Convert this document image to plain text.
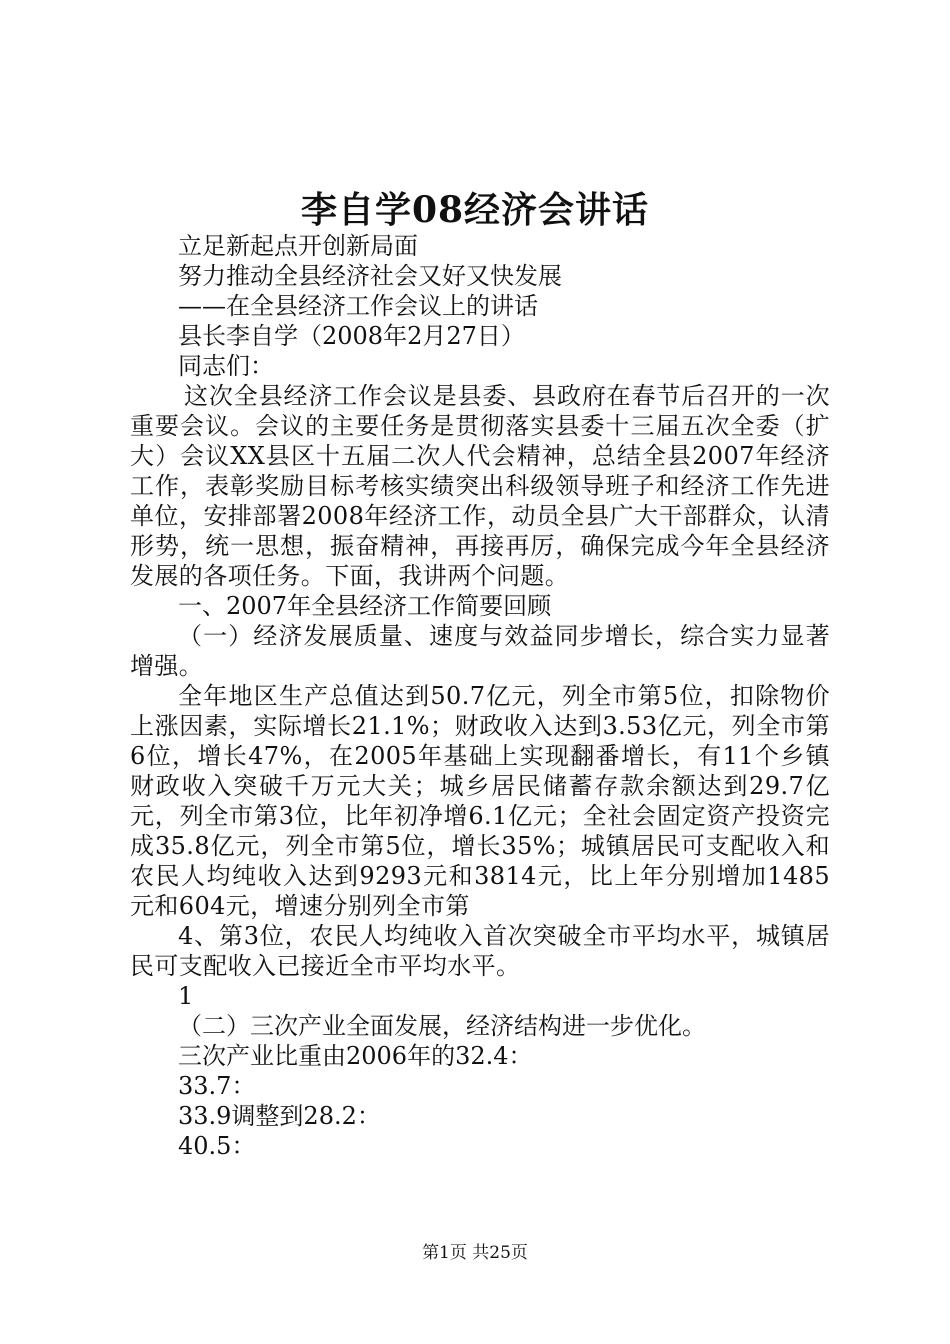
李自学08经济会讲话
立足新起点开创新局面
努力推动全县经济社会又好又快发展
——在全县经济工作会议上的讲话
县长李自学（2008年2月27日）
同志们：
这次全县经济工作会议是县委、县政府在春节后召开的一次重要会议。会议的主要任务是贯彻落实县委十三届五次全委（扩大）会议XX县区十五届二次人代会精神，总结全县2007年经济工作，表彰奖励目标考核实绩突出科级领导班子和经济工作先进单位，安排部署2008年经济工作，动员全县广大干部群众，认清形势，统一思想，振奋精神，再接再厉，确保完成今年全县经济发展的各项任务。下面，我讲两个问题。
一、2007年全县经济工作简要回顾
（一）经济发展质量、速度与效益同步增长，综合实力显著增强。
全年地区生产总值达到50.7亿元，列全市第5位，扣除物价上涨因素，实际增长21.1%；财政收入达到3.53亿元，列全市第6位，增长47%，在2005年基础上实现翻番增长，有11个乡镇财政收入突破千万元大关；城乡居民储蓄存款余额达到29.7亿元，列全市第3位，比年初净增6.1亿元；全社会固定资产投资完成35.8亿元，列全市第5位，增长35%；城镇居民可支配收入和农民人均纯收入达到9293元和3814元，比上年分别增加1485元和604元，增速分别列全市第
4、第3位，农民人均纯收入首次突破全市平均水平，城镇居民可支配收入已接近全市平均水平。
1
（二）三次产业全面发展，经济结构进一步优化。
三次产业比重由2006年的32.4：
33.7：
33.9调整到28.2：
40.5：
第1页 共25页
